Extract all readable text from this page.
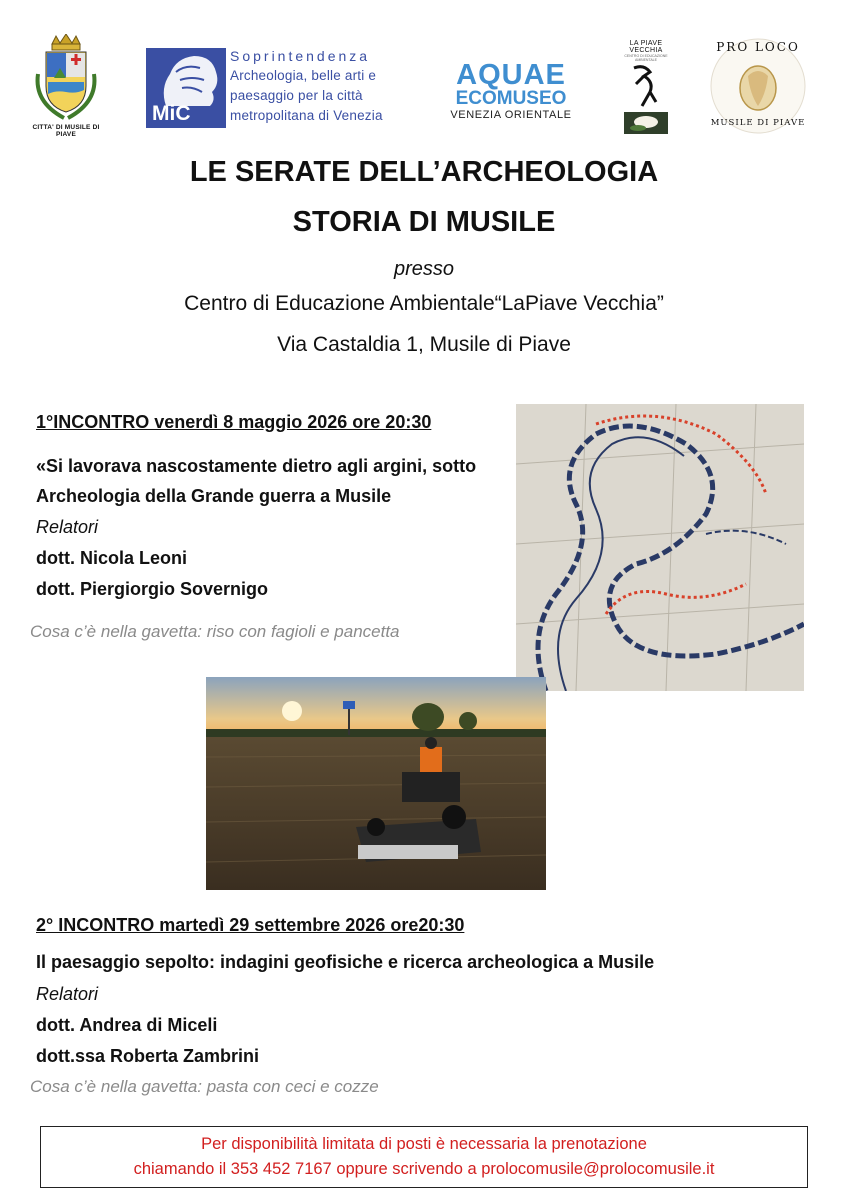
CITTA' DI MUSILE DI PIAVE
MiC
Soprintendenza
Archeologia, belle arti e
paesaggio per la città
metropolitana di Venezia
AQUAE
ECOMUSEO
VENEZIA ORIENTALE
LA PIAVE VECCHIA
CENTRO DI EDUCAZIONE AMBIENTALE
PRO LOCO
MUSILE DI PIAVE
LE SERATE DELL’ARCHEOLOGIA
STORIA DI MUSILE
presso
Centro di Educazione Ambientale“LaPiave Vecchia”
Via Castaldia 1, Musile di Piave
1°INCONTRO venerdì 8 maggio 2026 ore 20:30
«Si lavorava nascostamente dietro agli argini, sotto
Archeologia della Grande guerra a Musile
Relatori
dott. Nicola Leoni
dott. Piergiorgio Sovernigo
Cosa c’è nella gavetta: riso con fagioli e pancetta
2° INCONTRO martedì 29 settembre 2026 ore20:30
Il paesaggio sepolto: indagini geofisiche e ricerca archeologica a Musile
Relatori
dott. Andrea di Miceli
dott.ssa Roberta Zambrini
Cosa c’è nella gavetta: pasta con ceci e cozze
Per disponibilità limitata di posti è necessaria la prenotazione
chiamando il 353 452 7167 oppure scrivendo a prolocomusile@prolocomusile.it
